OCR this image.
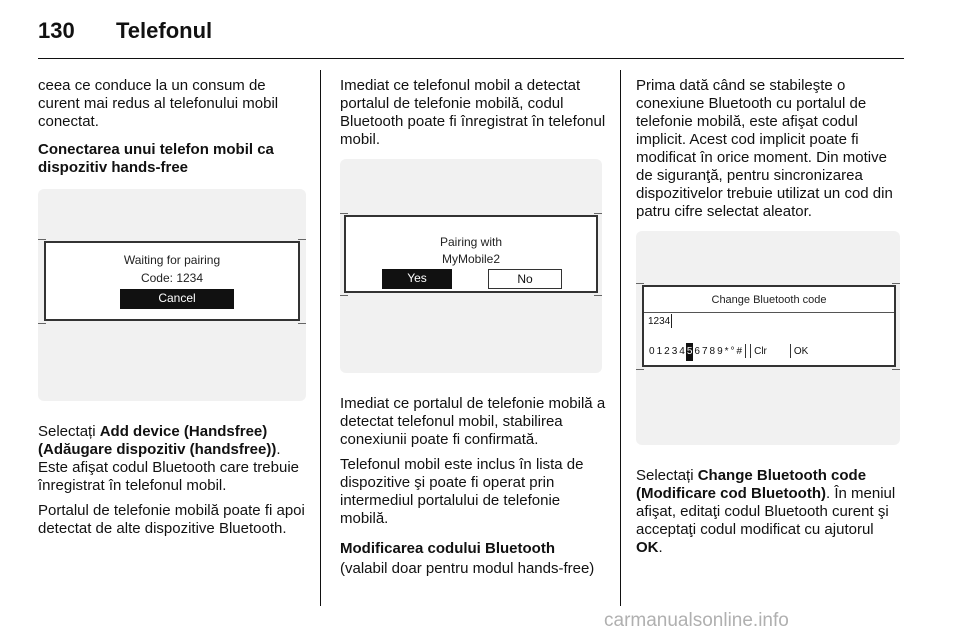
130 Telefonul

ceea ce conduce la un consum de curent mai redus al telefonului mobil conectat.

Conectarea unui telefon mobil ca dispozitiv hands-free

Waiting for pairing
Code: 1234
Cancel

Selectați Add device (Handsfree) (Adăugare dispozitiv (handsfree)). Este afişat codul Bluetooth care trebuie înregistrat în telefonul mobil.

Portalul de telefonie mobilă poate fi apoi detectat de alte dispozitive Bluetooth.

Imediat ce telefonul mobil a detectat portalul de telefonie mobilă, codul Bluetooth poate fi înregistrat în telefonul mobil.

Pairing with
MyMobile2
Yes	No

Imediat ce portalul de telefonie mobilă a detectat telefonul mobil, stabilirea conexiunii poate fi confirmată.

Telefonul mobil este inclus în lista de dispozitive şi poate fi operat prin intermediul portalului de telefonie mobilă.

Modificarea codului Bluetooth

(valabil doar pentru modul hands-free)

Prima dată când se stabileşte o conexiune Bluetooth cu portalul de telefonie mobilă, este afişat codul implicit. Acest cod implicit poate fi modificat în orice moment. Din motive de siguranţă, pentru sincronizarea dispozitivelor trebuie utilizat un cod din patru cifre selectat aleator.

Change Bluetooth code
1234
0 1 2 3 4 5 6 7 8 9 * ° # Clr	OK

Selectați Change Bluetooth code (Modificare cod Bluetooth). În meniul afişat, editaţi codul Bluetooth curent şi acceptaţi codul modificat cu ajutorul OK.

carmanualsonline.info
